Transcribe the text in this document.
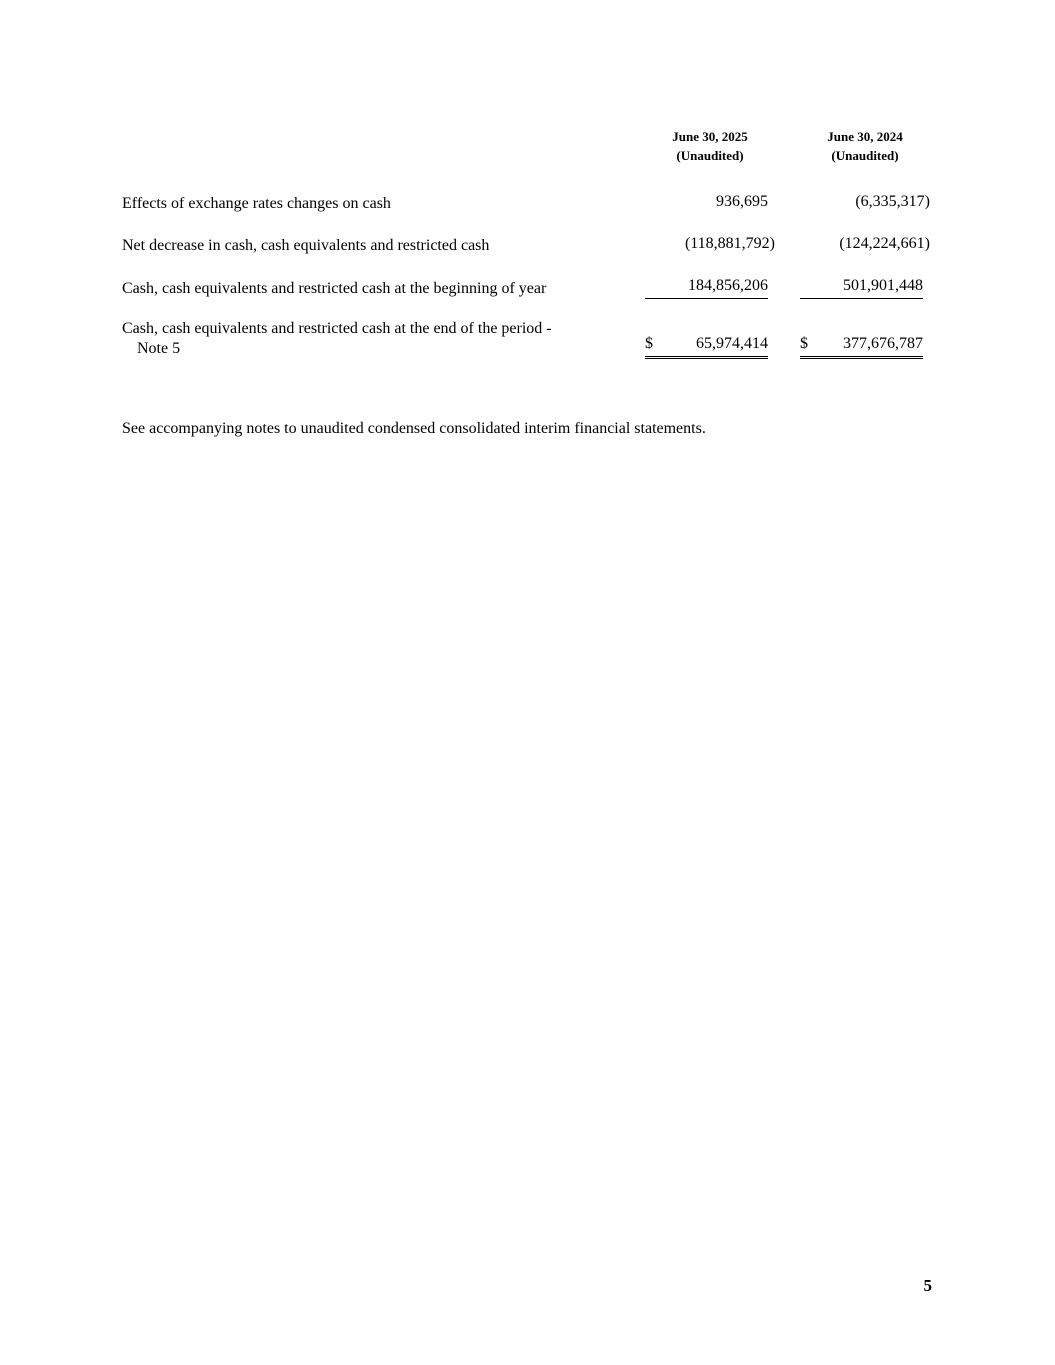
June 30, 2025
(Unaudited)
June 30, 2024
(Unaudited)
Effects of exchange rates changes on cash	936,695	(6,335,317)
Net decrease in cash, cash equivalents and restricted cash	(118,881,792)	(124,224,661)
Cash, cash equivalents and restricted cash at the beginning of year	184,856,206	501,901,448
Cash, cash equivalents and restricted cash at the end of the period -
Note 5	$	65,974,414 $ 377,676,787

See accompanying notes to unaudited condensed consolidated interim financial statements.

5
